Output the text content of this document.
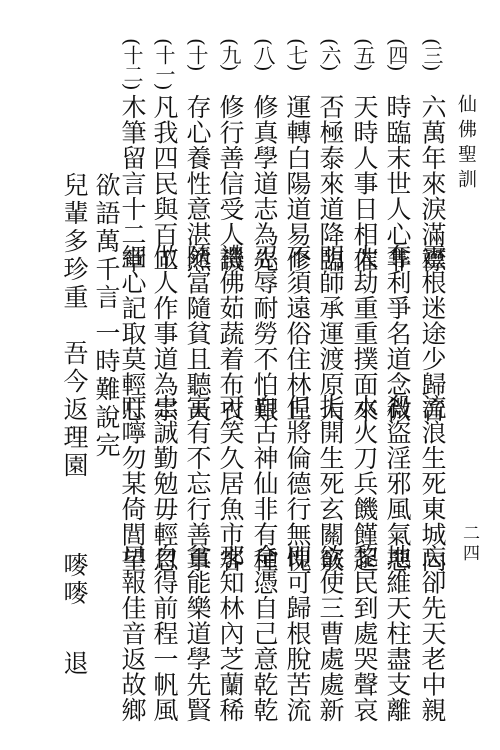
仙佛聖訓
二四
(三)
六萬年來淚滿襟
靈根迷途少歸音
流浪生死東城內
忘卻先天老中親
(四)
時臨末世人心非
奪利爭名道念微
殺盜淫邪風氣惡
地維天柱盡支離
(五)
天時人事日相催
大劫重重撲面來
水火刀兵饑饉起
黎民到處哭聲哀
(六)
否極泰來道降臨
明師承運渡原人
指開生死玄關竅
欲使三曹處處新
(七)
運轉白陽道易修
不須遠俗住林丘
但將倫德行無愧
即可歸根脫苦流
(八)
修真學道志為先
忍辱耐勞不怕艱
自古神仙非有種
全憑自己意乾乾
(九)
修行善信受人譏
禮佛茹蔬着布衣
可笑久居魚市客
那知林內芝蘭稀
(十)
存心養性意湛然
隨富隨貧且聽天
富有不忘行善事
貧能樂道學先賢
(十一)
凡我四民與百工
做人作事道為宗
忠誠勤勉毋輕忽
自得前程一帆風
(十二)
木筆留言十二章
細心記取莫輕忘
叮嚀勿某倚閭望
早報佳音返故鄉
欲語萬千言
兒輩多珍重
一時難說完
吾今返理園
嘜嘜
退
